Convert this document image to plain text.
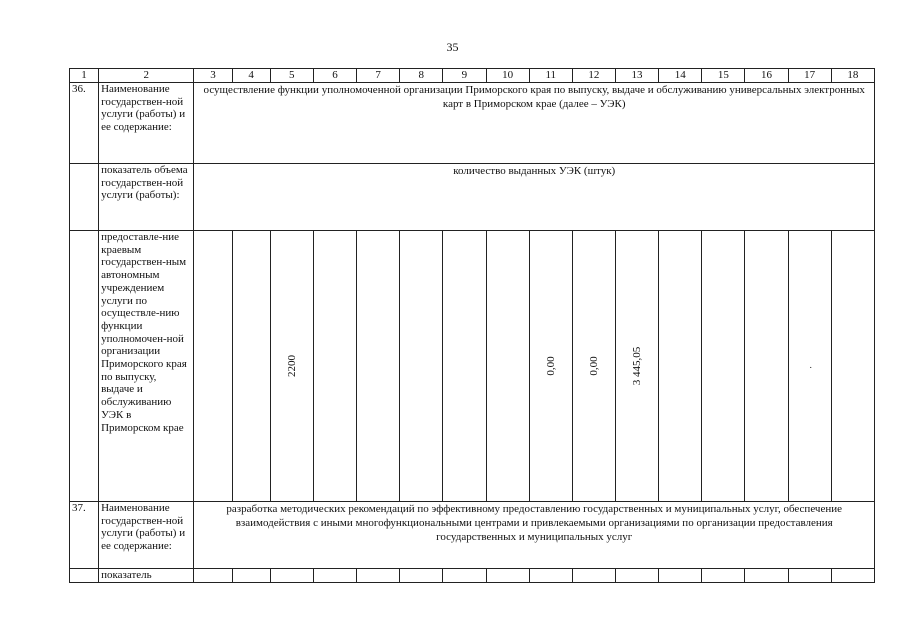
35
1	2	3	4	5	6	7	8	9	10	11	12	13	14	15	16	17	18
36.	Наименование государствен-ной услуги (работы) и ее содержание:	осуществление функции уполномоченной организации Приморского края по выпуску, выдаче и обслуживанию универсальных электронных карт в Приморском крае (далее – УЭК)															
	показатель объема государствен-ной услуги (работы):	количество выданных УЭК (штук)															
	предоставле-ние краевым государствен-ным автономным учреждением услуги по осуществле-нию функции уполномочен-ной организации Приморского края по выпуску, выдаче и обслуживанию УЭК в Приморском крае			2200						0,00	0,00	3 445,05				.	

37.	Наименование государствен-ной услуги (работы) и ее содержание:	разработка методических рекомендаций по эффективному предоставлению государственных и муниципальных услуг, обеспечение взаимодействия с иными многофункциональными центрами и привлекаемыми организациями по организации предоставления государственных и муниципальных услуг															
	показатель																
